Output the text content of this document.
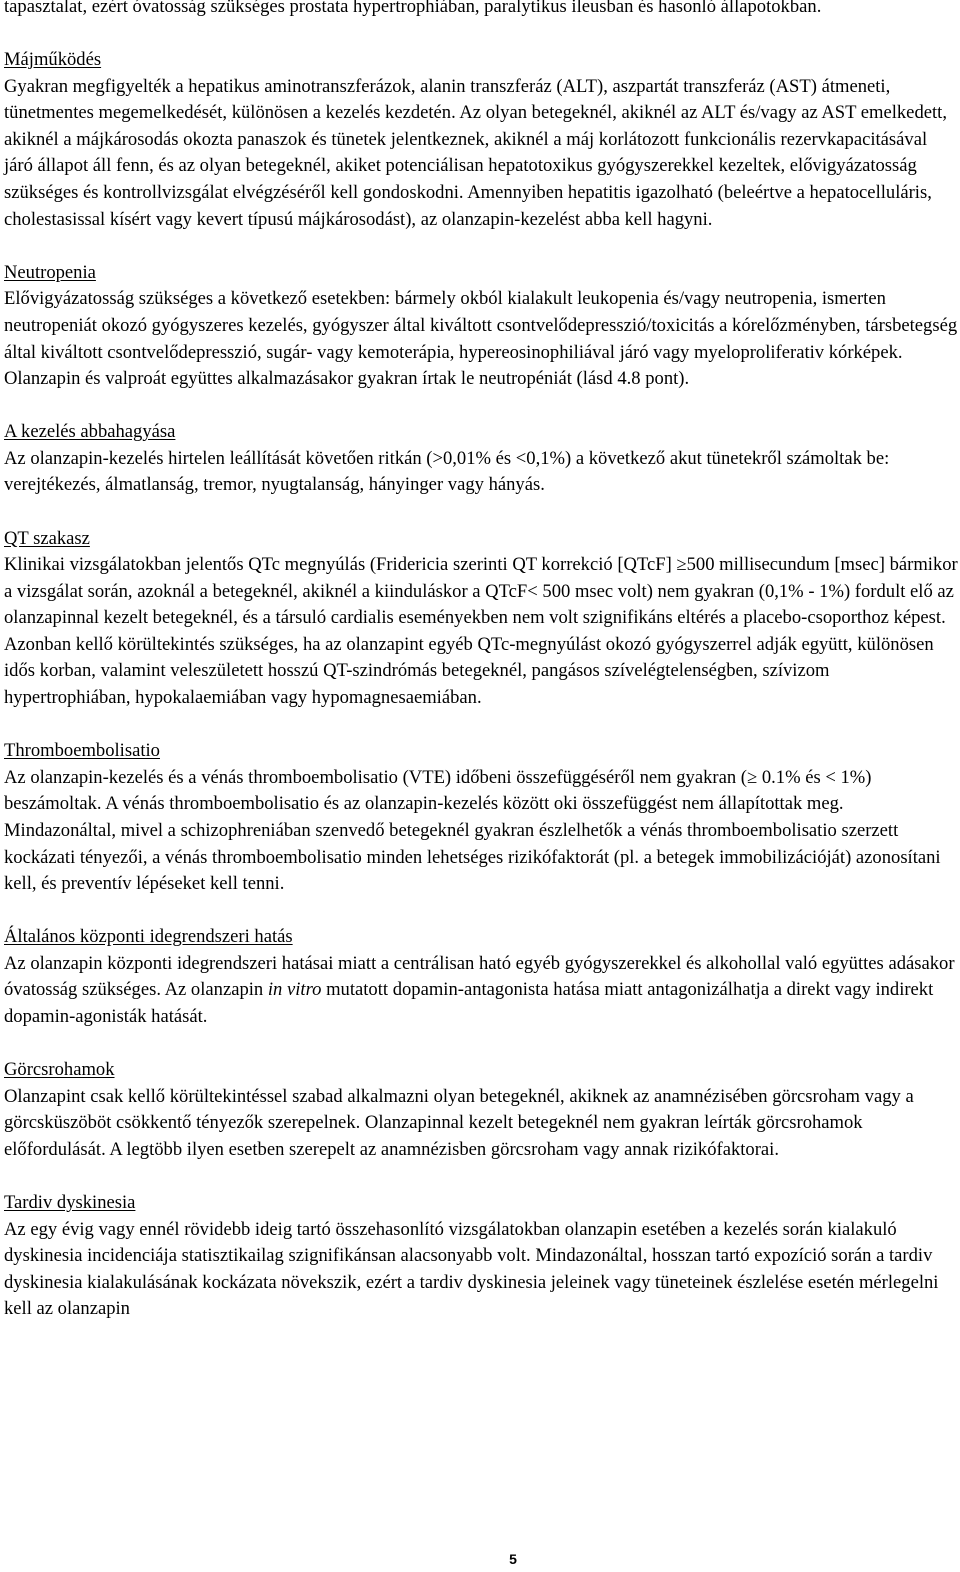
tapasztalat, ezért óvatosság szükséges prostata hypertrophiában, paralytikus ileusban és hasonló állapotokban.

Májműködés

Gyakran megfigyelték a hepatikus aminotranszferázok, alanin transzferáz (ALT), aszpartát transzferáz (AST) átmeneti, tünetmentes megemelkedését, különösen a kezelés kezdetén. Az olyan betegeknél, akiknél az ALT és/vagy az AST emelkedett, akiknél a májkárosodás okozta panaszok és tünetek jelentkeznek, akiknél a máj korlátozott funkcionális rezervkapacitásával járó állapot áll fenn, és az olyan betegeknél, akiket potenciálisan hepatotoxikus gyógyszerekkel kezeltek, elővigyázatosság szükséges és kontrollvizsgálat elvégzéséről kell gondoskodni. Amennyiben hepatitis igazolható (beleértve a hepatocelluláris, cholestasissal kísért vagy kevert típusú májkárosodást), az olanzapin-kezelést abba kell hagyni.

Neutropenia

Elővigyázatosság szükséges a következő esetekben: bármely okból kialakult leukopenia és/vagy neutropenia, ismerten neutropeniát okozó gyógyszeres kezelés, gyógyszer által kiváltott csontvelődepresszió/toxicitás a kórelőzményben, társbetegség által kiváltott csontvelődepresszió, sugár- vagy kemoterápia, hypereosinophiliával járó vagy myeloproliferativ kórképek. Olanzapin és valproát együttes alkalmazásakor gyakran írtak le neutropéniát (lásd 4.8 pont).

A kezelés abbahagyása

Az olanzapin-kezelés hirtelen leállítását követően ritkán (>0,01% és <0,1%) a következő akut tünetekről számoltak be: verejtékezés, álmatlanság, tremor, nyugtalanság, hányinger vagy hányás.

QT szakasz

Klinikai vizsgálatokban jelentős QTc megnyúlás (Fridericia szerinti QT korrekció [QTcF] ≥500 millisecundum [msec] bármikor a vizsgálat során, azoknál a betegeknél, akiknél a kiinduláskor a QTcF< 500 msec volt) nem gyakran (0,1% - 1%) fordult elő az olanzapinnal kezelt betegeknél, és a társuló cardialis eseményekben nem volt szignifikáns eltérés a placebo-csoporthoz képest. Azonban kellő körültekintés szükséges, ha az olanzapint egyéb QTc-megnyúlást okozó gyógyszerrel adják együtt, különösen idős korban, valamint veleszületett hosszú QT-szindrómás betegeknél, pangásos szívelégtelenségben, szívizom hypertrophiában, hypokalaemiában vagy hypomagnesaemiában.

Thromboembolisatio

Az olanzapin-kezelés és a vénás thromboembolisatio (VTE) időbeni összefüggéséről nem gyakran (≥ 0.1% és < 1%) beszámoltak. A vénás thromboembolisatio és az olanzapin-kezelés között oki összefüggést nem állapítottak meg. Mindazonáltal, mivel a schizophreniában szenvedő betegeknél gyakran észlelhetők a vénás thromboembolisatio szerzett kockázati tényezői, a vénás thromboembolisatio minden lehetséges rizikófaktorát (pl. a betegek immobilizációját) azonosítani kell, és preventív lépéseket kell tenni.

Általános központi idegrendszeri hatás

Az olanzapin központi idegrendszeri hatásai miatt a centrálisan ható egyéb gyógyszerekkel és alkohollal való együttes adásakor óvatosság szükséges. Az olanzapin in vitro mutatott dopamin-antagonista hatása miatt antagonizálhatja a direkt vagy indirekt dopamin-agonisták hatását.

Görcsrohamok

Olanzapint csak kellő körültekintéssel szabad alkalmazni olyan betegeknél, akiknek az anamnézisében görcsroham vagy a görcsküszöböt csökkentő tényezők szerepelnek. Olanzapinnal kezelt betegeknél nem gyakran leírták görcsrohamok előfordulását. A legtöbb ilyen esetben szerepelt az anamnézisben görcsroham vagy annak rizikófaktorai.

Tardiv dyskinesia

Az egy évig vagy ennél rövidebb ideig tartó összehasonlító vizsgálatokban olanzapin esetében a kezelés során kialakuló dyskinesia incidenciája statisztikailag szignifikánsan alacsonyabb volt. Mindazonáltal, hosszan tartó expozíció során a tardiv dyskinesia kialakulásának kockázata növekszik, ezért a tardiv dyskinesia jeleinek vagy tüneteinek észlelése esetén mérlegelni kell az olanzapin

5
